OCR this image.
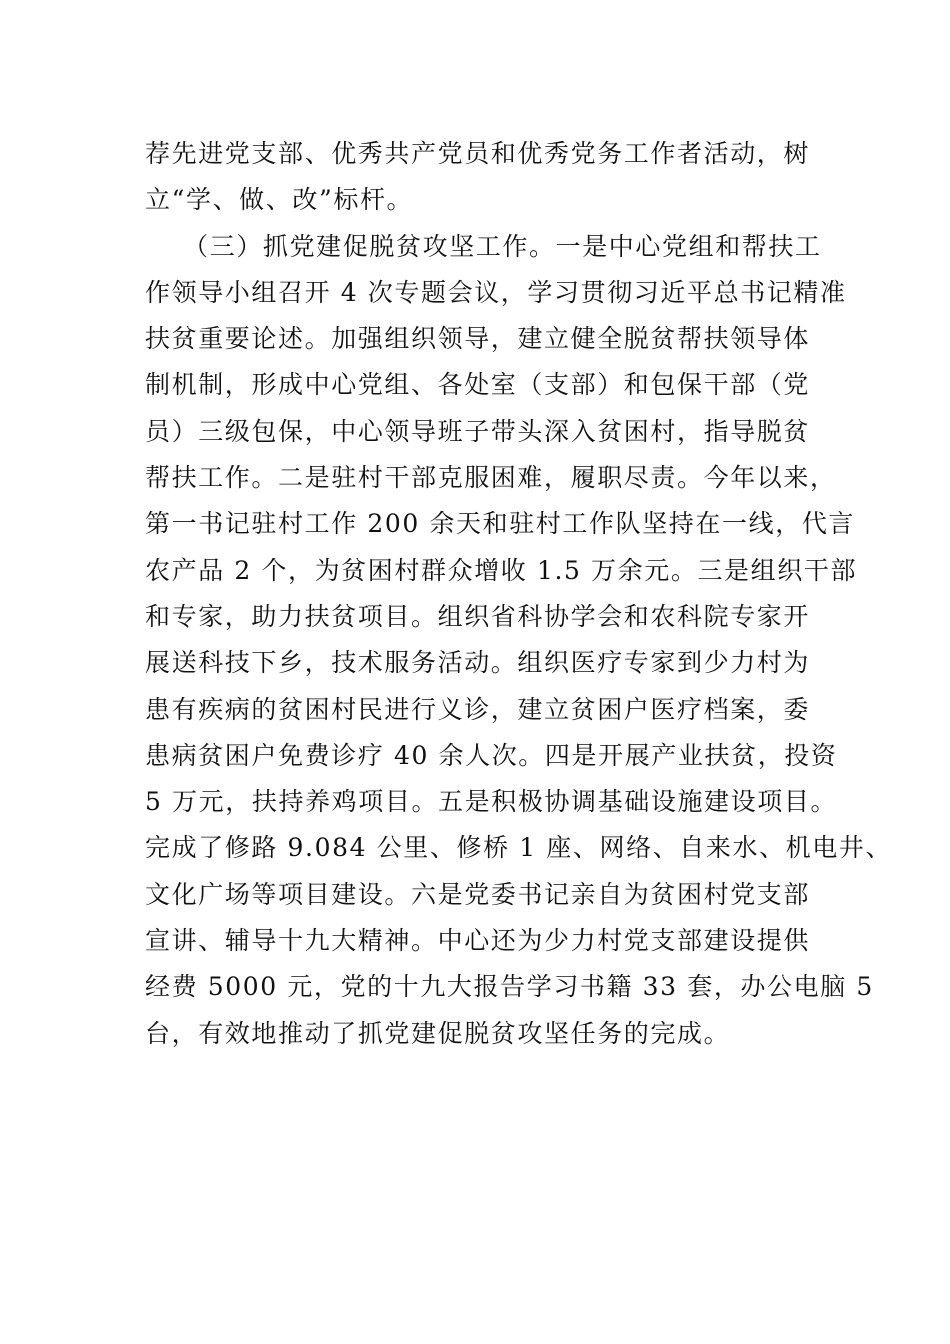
荐先进党支部、优秀共产党员和优秀党务工作者活动，树
立“学、做、改”标杆。
（三）抓党建促脱贫攻坚工作。一是中心党组和帮扶工
作领导小组召开 4 次专题会议，学习贯彻习近平总书记精准
扶贫重要论述。加强组织领导，建立健全脱贫帮扶领导体
制机制，形成中心党组、各处室（支部）和包保干部（党
员）三级包保，中心领导班子带头深入贫困村，指导脱贫
帮扶工作。二是驻村干部克服困难，履职尽责。今年以来，
第一书记驻村工作 200 余天和驻村工作队坚持在一线，代言
农产品 2 个，为贫困村群众增收 1.5 万余元。三是组织干部
和专家，助力扶贫项目。组织省科协学会和农科院专家开
展送科技下乡，技术服务活动。组织医疗专家到少力村为
患有疾病的贫困村民进行义诊，建立贫困户医疗档案，委
患病贫困户免费诊疗 40 余人次。四是开展产业扶贫，投资
5 万元，扶持养鸡项目。五是积极协调基础设施建设项目。
完成了修路 9.084 公里、修桥 1 座、网络、自来水、机电井、
文化广场等项目建设。六是党委书记亲自为贫困村党支部
宣讲、辅导十九大精神。中心还为少力村党支部建设提供
经费 5000 元，党的十九大报告学习书籍 33 套，办公电脑 5
台，有效地推动了抓党建促脱贫攻坚任务的完成。
